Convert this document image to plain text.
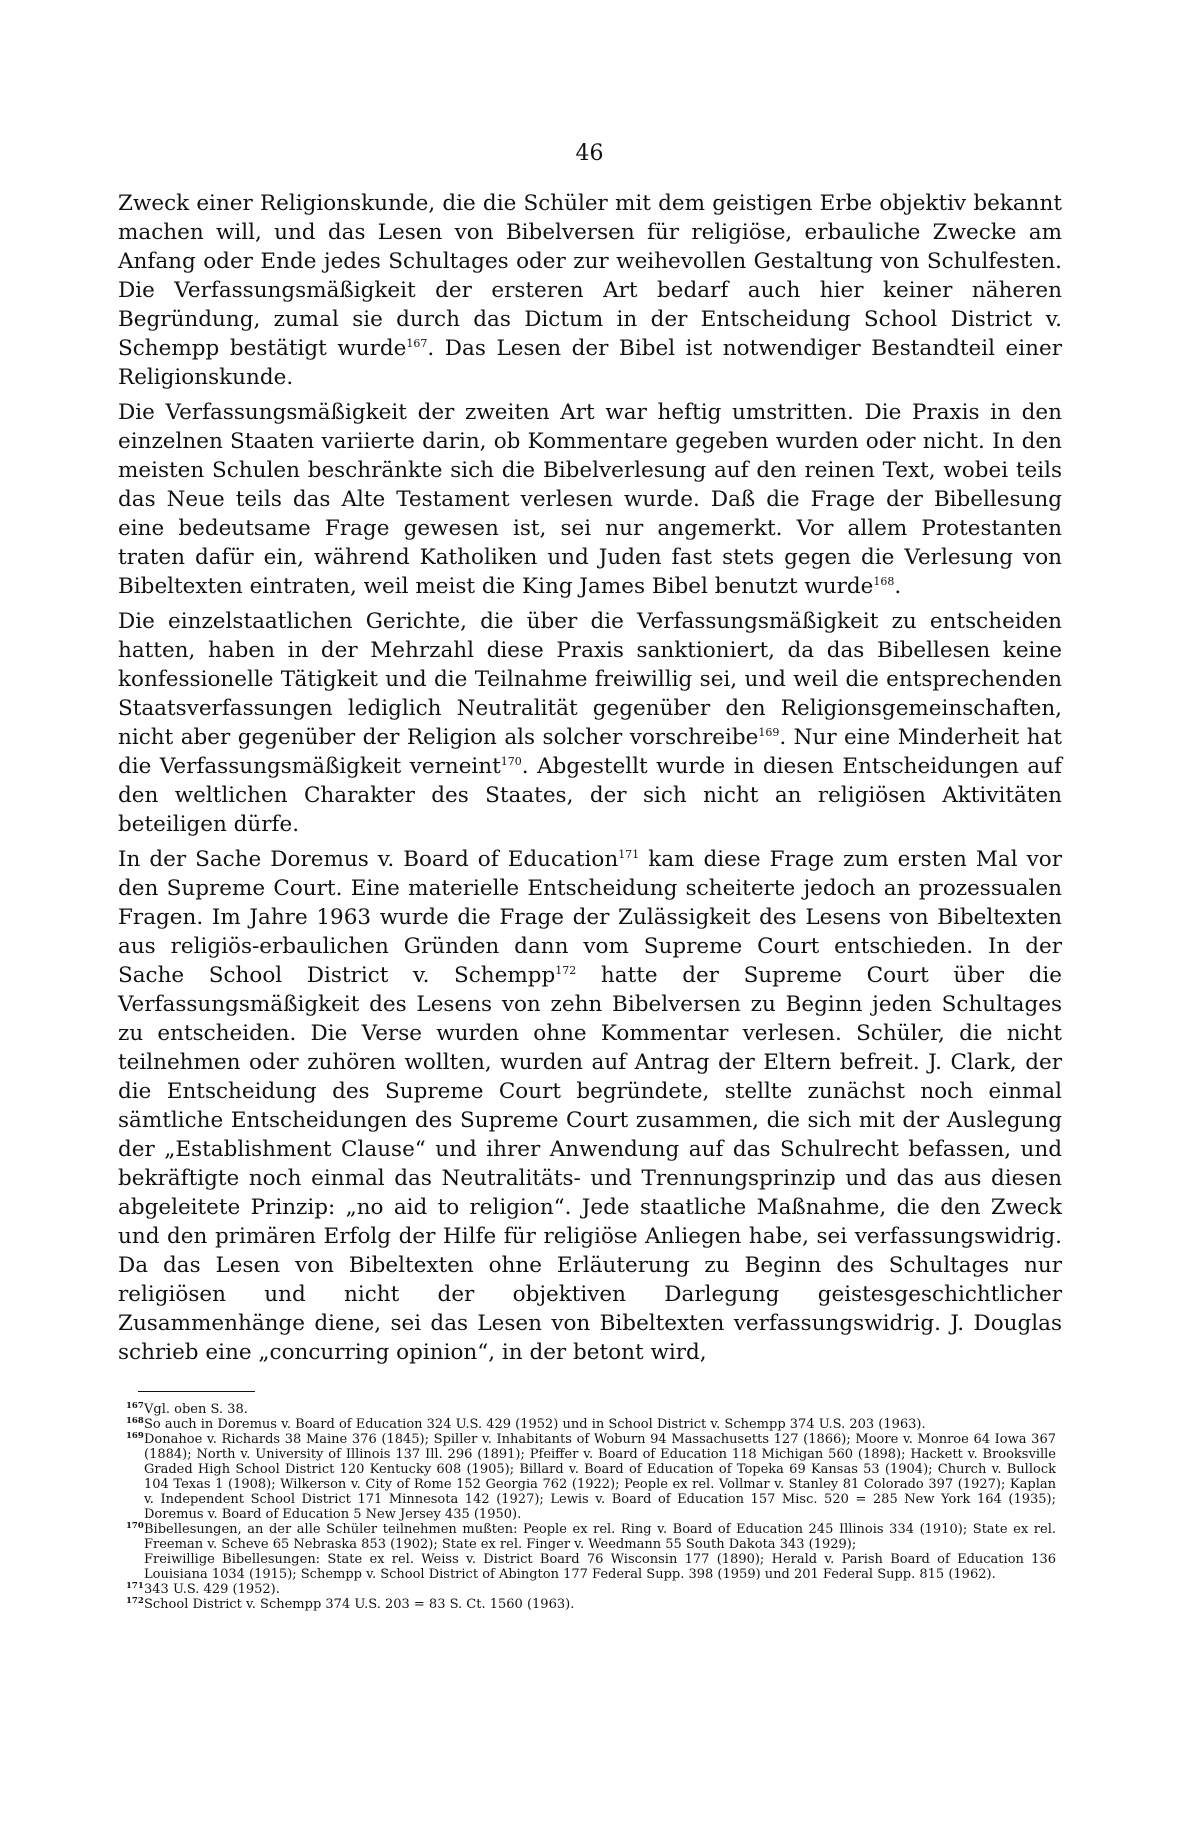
46

Zweck einer Religionskunde, die die Schüler mit dem geistigen Erbe objektiv bekannt machen will, und das Lesen von Bibelversen für religiöse, erbauliche Zwecke am Anfang oder Ende jedes Schultages oder zur weihevollen Gestaltung von Schulfesten. Die Verfassungsmäßigkeit der ersteren Art bedarf auch hier keiner näheren Begründung, zumal sie durch das Dictum in der Entscheidung School District v. Schempp bestätigt wurde$^{167}$. Das Lesen der Bibel ist notwendiger Bestandteil einer Religionskunde.

Die Verfassungsmäßigkeit der zweiten Art war heftig umstritten. Die Praxis in den einzelnen Staaten variierte darin, ob Kommentare gegeben wurden oder nicht. In den meisten Schulen beschränkte sich die Bibelverlesung auf den reinen Text, wobei teils das Neue teils das Alte Testament verlesen wurde. Daß die Frage der Bibellesung eine bedeutsame Frage gewesen ist, sei nur angemerkt. Vor allem Protestanten traten dafür ein, während Katholiken und Juden fast stets gegen die Verlesung von Bibeltexten eintraten, weil meist die King James Bibel benutzt wurde$^{168}$.

Die einzelstaatlichen Gerichte, die über die Verfassungsmäßigkeit zu entscheiden hatten, haben in der Mehrzahl diese Praxis sanktioniert, da das Bibellesen keine konfessionelle Tätigkeit und die Teilnahme freiwillig sei, und weil die entsprechenden Staatsverfassungen lediglich Neutralität gegenüber den Religionsgemeinschaften, nicht aber gegenüber der Religion als solcher vorschreibe$^{169}$. Nur eine Minderheit hat die Verfassungsmäßigkeit verneint$^{170}$. Abgestellt wurde in diesen Entscheidungen auf den weltlichen Charakter des Staates, der sich nicht an religiösen Aktivitäten beteiligen dürfe.

In der Sache Doremus v. Board of Education$^{171}$ kam diese Frage zum ersten Mal vor den Supreme Court. Eine materielle Entscheidung scheiterte jedoch an prozessualen Fragen. Im Jahre 1963 wurde die Frage der Zulässigkeit des Lesens von Bibeltexten aus religiös-erbaulichen Gründen dann vom Supreme Court entschieden. In der Sache School District v. Schempp$^{172}$ hatte der Supreme Court über die Verfassungsmäßigkeit des Lesens von zehn Bibelversen zu Beginn jeden Schultages zu entscheiden. Die Verse wurden ohne Kommentar verlesen. Schüler, die nicht teilnehmen oder zuhören wollten, wurden auf Antrag der Eltern befreit. J. Clark, der die Entscheidung des Supreme Court begründete, stellte zunächst noch einmal sämtliche Entscheidungen des Supreme Court zusammen, die sich mit der Auslegung der „Establishment Clause“ und ihrer Anwendung auf das Schulrecht befassen, und bekräftigte noch einmal das Neutralitäts- und Trennungsprinzip und das aus diesen abgeleitete Prinzip: „no aid to religion“. Jede staatliche Maßnahme, die den Zweck und den primären Erfolg der Hilfe für religiöse Anliegen habe, sei verfassungswidrig. Da das Lesen von Bibeltexten ohne Erläuterung zu Beginn des Schultages nur religiösen und nicht der objektiven Darlegung geistesgeschichtlicher Zusammenhänge diene, sei das Lesen von Bibeltexten verfassungswidrig. J. Douglas schrieb eine „concurring opinion“, in der betont wird,

167 Vgl. oben S. 38.
168 So auch in Doremus v. Board of Education 324 U.S. 429 (1952) und in School District v. Schempp 374 U.S. 203 (1963).
169 Donahoe v. Richards 38 Maine 376 (1845); Spiller v. Inhabitants of Woburn 94 Massachusetts 127 (1866); Moore v. Monroe 64 Iowa 367 (1884); North v. University of Illinois 137 Ill. 296 (1891); Pfeiffer v. Board of Education 118 Michigan 560 (1898); Hackett v. Brooksville Graded High School District 120 Kentucky 608 (1905); Billard v. Board of Education of Topeka 69 Kansas 53 (1904); Church v. Bullock 104 Texas 1 (1908); Wilkerson v. City of Rome 152 Georgia 762 (1922); People ex rel. Vollmar v. Stanley 81 Colorado 397 (1927); Kaplan v. Independent School District 171 Minnesota 142 (1927); Lewis v. Board of Education 157 Misc. 520 = 285 New York 164 (1935); Doremus v. Board of Education 5 New Jersey 435 (1950).
170 Bibellesungen, an der alle Schüler teilnehmen mußten: People ex rel. Ring v. Board of Education 245 Illinois 334 (1910); State ex rel. Freeman v. Scheve 65 Nebraska 853 (1902); State ex rel. Finger v. Weedmann 55 South Dakota 343 (1929);
Freiwillige Bibellesungen: State ex rel. Weiss v. District Board 76 Wisconsin 177 (1890); Herald v. Parish Board of Education 136 Louisiana 1034 (1915); Schempp v. School District of Abington 177 Federal Supp. 398 (1959) und 201 Federal Supp. 815 (1962).
171 343 U.S. 429 (1952).
172 School District v. Schempp 374 U.S. 203 = 83 S. Ct. 1560 (1963).
